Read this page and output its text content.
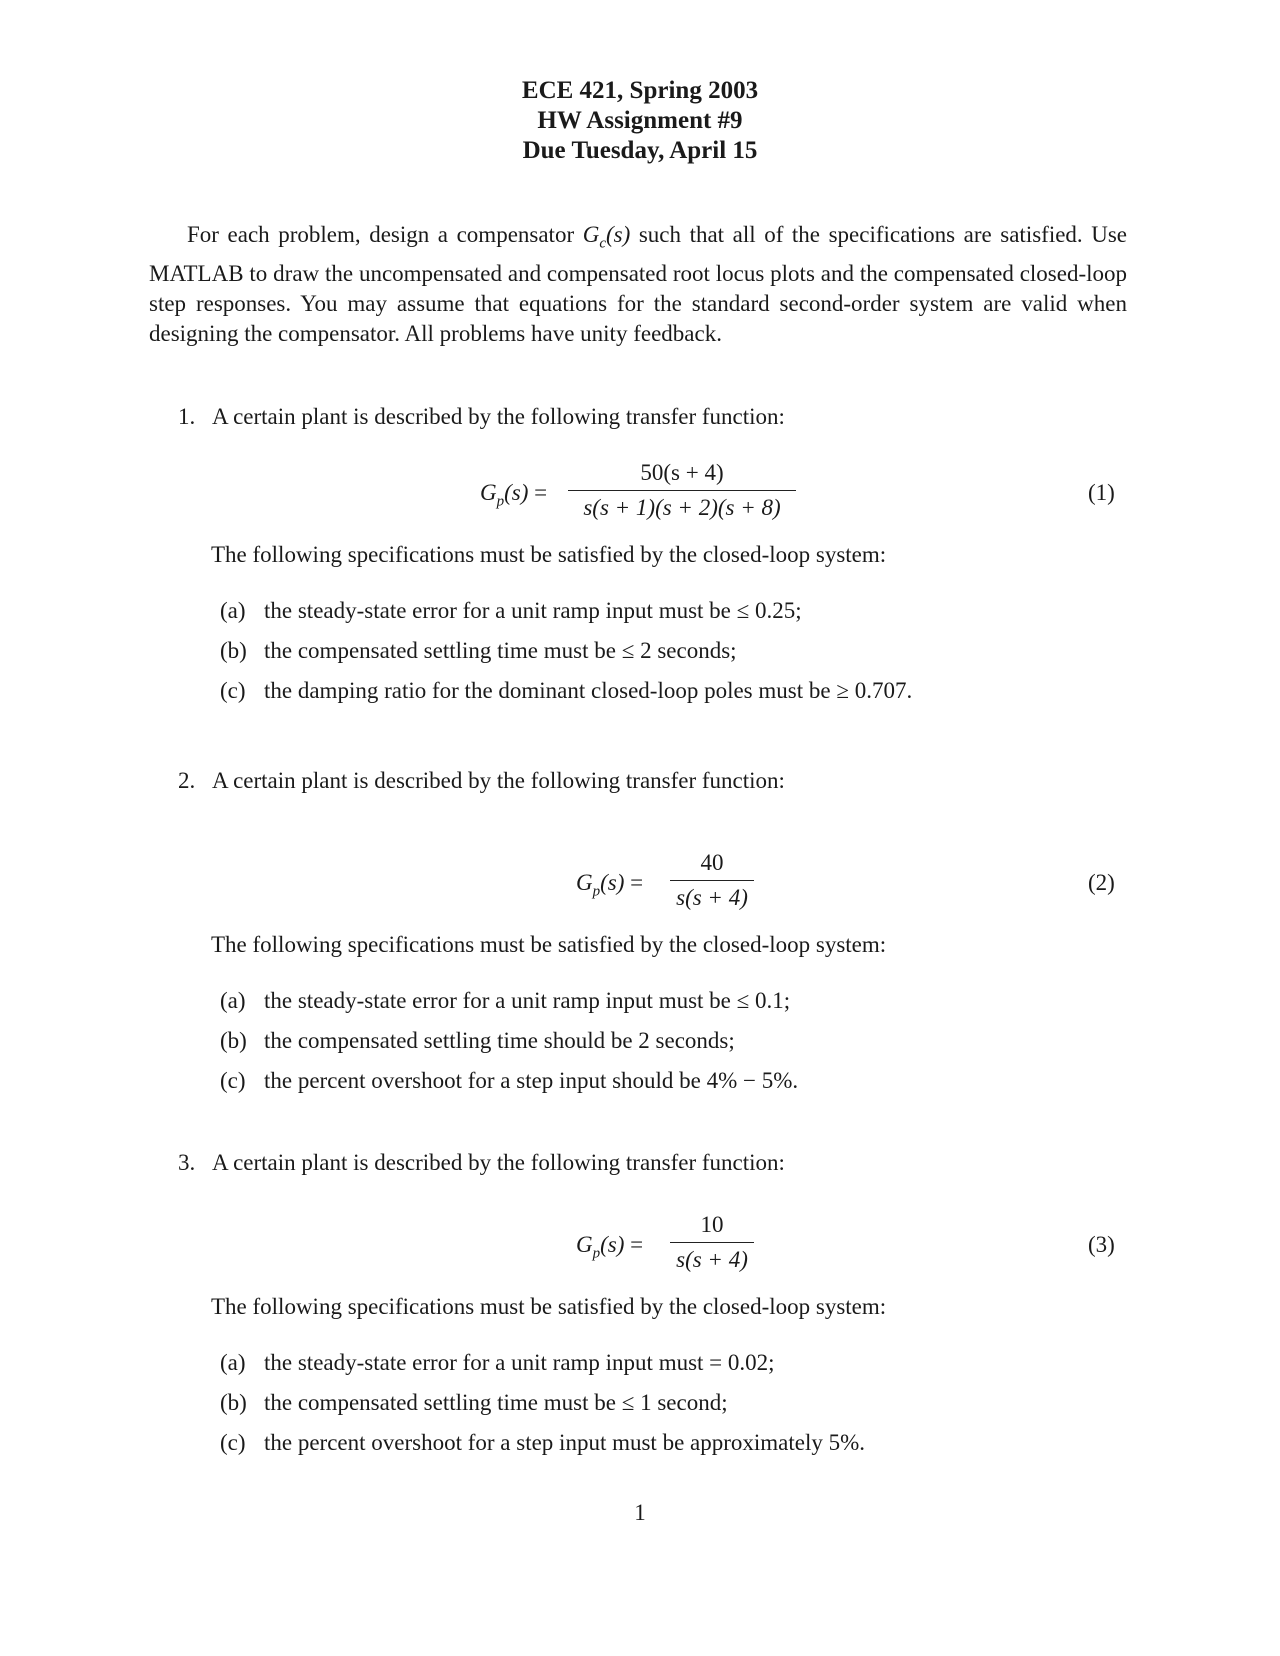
ECE 421, Spring 2003
HW Assignment #9
Due Tuesday, April 15
For each problem, design a compensator $G_c(s)$ such that all of the specifications are satisfied. Use MATLAB to draw the uncompensated and compensated root locus plots and the compensated closed-loop step responses. You may assume that equations for the standard second-order system are valid when designing the compensator. All problems have unity feedback.
1. A certain plant is described by the following transfer function:
$G_p(s)$ =
50(s + 4)
s(s + 1)(s + 2)(s + 8)
(1)
The following specifications must be satisfied by the closed-loop system:
(a) the steady-state error for a unit ramp input must be ≤ 0.25;
(b) the compensated settling time must be ≤ 2 seconds;
(c) the damping ratio for the dominant closed-loop poles must be ≥ 0.707.
2. A certain plant is described by the following transfer function:
$G_p(s)$ =
40
s(s + 4)
(2)
The following specifications must be satisfied by the closed-loop system:
(a) the steady-state error for a unit ramp input must be ≤ 0.1;
(b) the compensated settling time should be 2 seconds;
(c) the percent overshoot for a step input should be 4% − 5%.
3. A certain plant is described by the following transfer function:
$G_p(s)$ =
10
s(s + 4)
(3)
The following specifications must be satisfied by the closed-loop system:
(a) the steady-state error for a unit ramp input must = 0.02;
(b) the compensated settling time must be ≤ 1 second;
(c) the percent overshoot for a step input must be approximately 5%.
1
